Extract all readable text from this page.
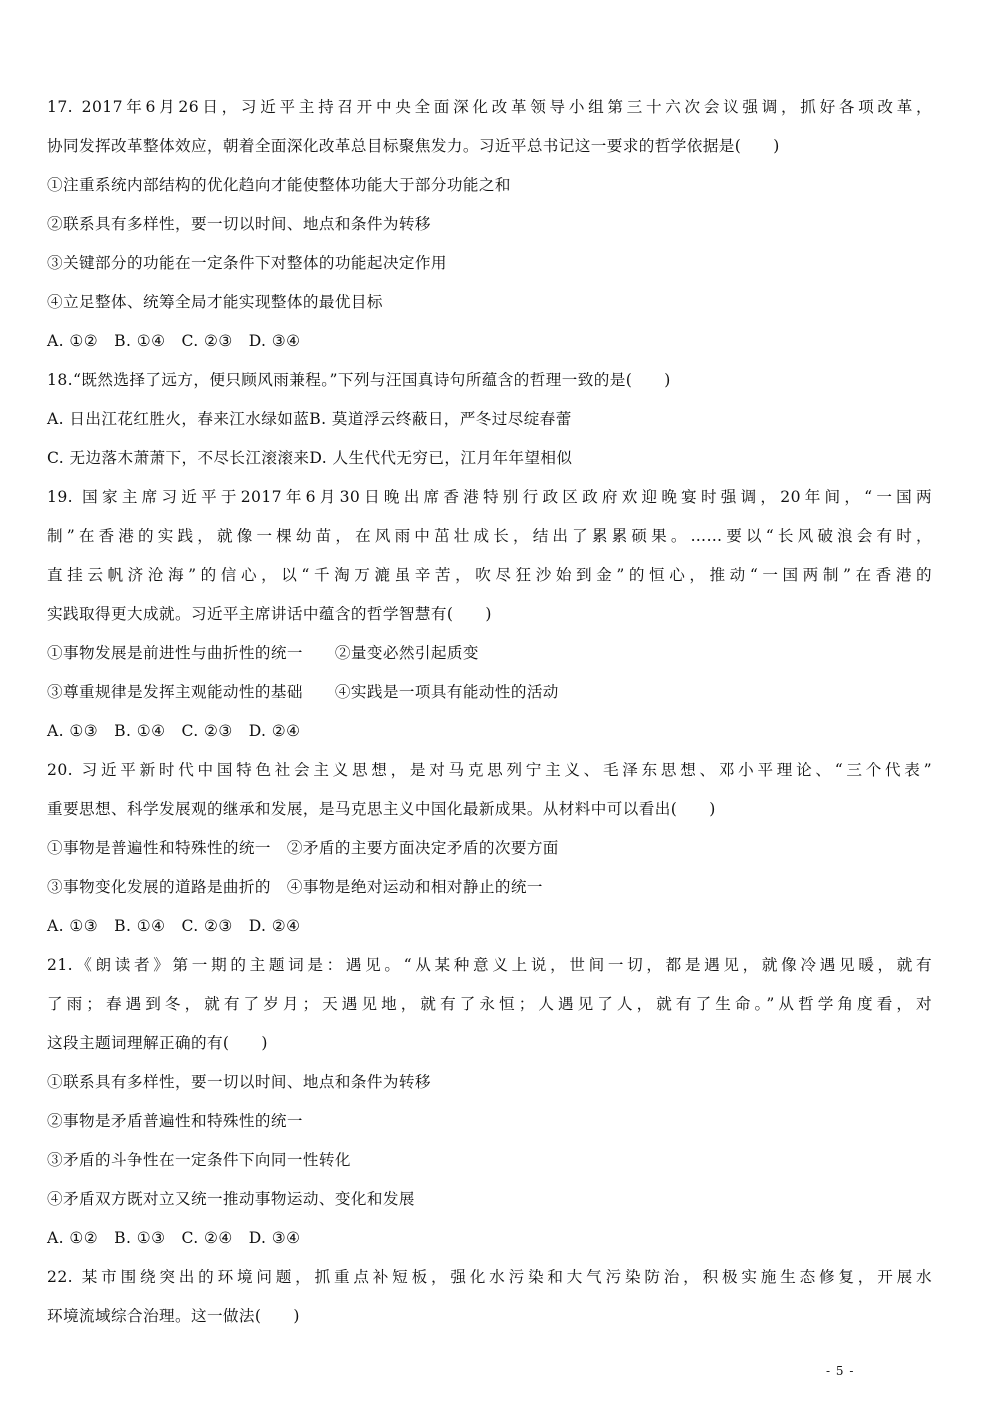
17. 2017年6月26日，习近平主持召开中央全面深化改革领导小组第三十六次会议强调，抓好各项改革，
协同发挥改革整体效应，朝着全面深化改革总目标聚焦发力。习近平总书记这一要求的哲学依据是(　　)
①注重系统内部结构的优化趋向才能使整体功能大于部分功能之和
②联系具有多样性，要一切以时间、地点和条件为转移
③关键部分的功能在一定条件下对整体的功能起决定作用
④立足整体、统筹全局才能实现整体的最优目标
A. ①②　B. ①④　C. ②③　D. ③④
18.“既然选择了远方，便只顾风雨兼程。”下列与汪国真诗句所蕴含的哲理一致的是(　　)
A. 日出江花红胜火，春来江水绿如蓝B. 莫道浮云终蔽日，严冬过尽绽春蕾
C. 无边落木萧萧下，不尽长江滚滚来D. 人生代代无穷已，江月年年望相似
19. 国家主席习近平于2017年6月30日晚出席香港特别行政区政府欢迎晚宴时强调，20年间，“一国两
制”在香港的实践，就像一棵幼苗，在风雨中茁壮成长，结出了累累硕果。……要以“长风破浪会有时，
直挂云帆济沧海”的信心，以“千淘万漉虽辛苦，吹尽狂沙始到金”的恒心，推动“一国两制”在香港的
实践取得更大成就。习近平主席讲话中蕴含的哲学智慧有(　　)
①事物发展是前进性与曲折性的统一　　②量变必然引起质变
③尊重规律是发挥主观能动性的基础　　④实践是一项具有能动性的活动
A. ①③　B. ①④　C. ②③　D. ②④
20. 习近平新时代中国特色社会主义思想，是对马克思列宁主义、毛泽东思想、邓小平理论、“三个代表”
重要思想、科学发展观的继承和发展，是马克思主义中国化最新成果。从材料中可以看出(　　)
①事物是普遍性和特殊性的统一　②矛盾的主要方面决定矛盾的次要方面
③事物变化发展的道路是曲折的　④事物是绝对运动和相对静止的统一
A. ①③　B. ①④　C. ②③　D. ②④
21.《朗读者》第一期的主题词是：遇见。“从某种意义上说，世间一切，都是遇见，就像冷遇见暖，就有
了雨；春遇到冬，就有了岁月；天遇见地，就有了永恒；人遇见了人，就有了生命。”从哲学角度看，对
这段主题词理解正确的有(　　)
①联系具有多样性，要一切以时间、地点和条件为转移
②事物是矛盾普遍性和特殊性的统一
③矛盾的斗争性在一定条件下向同一性转化
④矛盾双方既对立又统一推动事物运动、变化和发展
A. ①②　B. ①③　C. ②④　D. ③④
22. 某市围绕突出的环境问题，抓重点补短板，强化水污染和大气污染防治，积极实施生态修复，开展水
环境流域综合治理。这一做法(　　)
- 5 -
